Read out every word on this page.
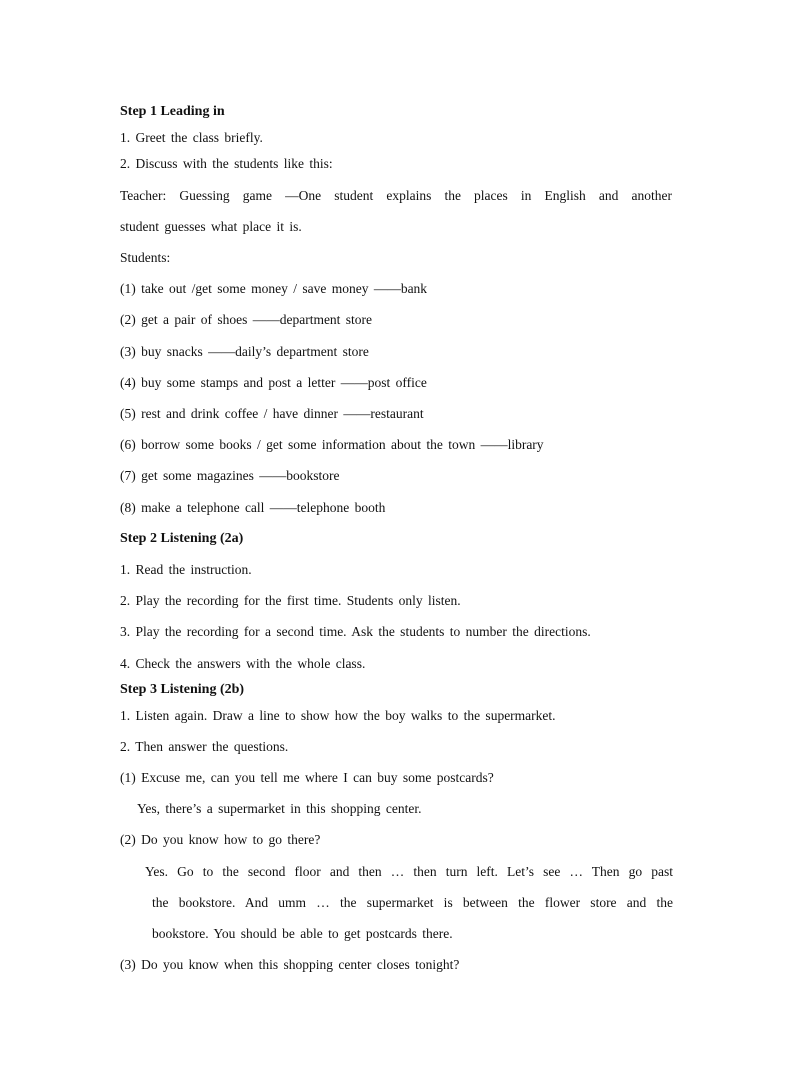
Step 1 Leading in
1. Greet the class briefly.
2. Discuss with the students like this:
Teacher: Guessing game —One student explains the places in English and another
student guesses what place it is.
Students:
(1) take out /get some money / save money ——bank
(2) get a pair of shoes ——department store
(3) buy snacks ——daily’s department store
(4) buy some stamps and post a letter ——post office
(5) rest and drink coffee / have dinner ——restaurant
(6) borrow some books / get some information about the town ——library
(7) get some magazines ——bookstore
(8) make a telephone call ——telephone booth
Step 2 Listening (2a)
1. Read the instruction.
2. Play the recording for the first time. Students only listen.
3. Play the recording for a second time. Ask the students to number the directions.
4. Check the answers with the whole class.
Step 3 Listening (2b)
1. Listen again. Draw a line to show how the boy walks to the supermarket.
2. Then answer the questions.
(1) Excuse me, can you tell me where I can buy some postcards?
Yes, there’s a supermarket in this shopping center.
(2) Do you know how to go there?
Yes. Go to the second floor and then … then turn left. Let’s see … Then go past
the bookstore. And umm … the supermarket is between the flower store and the
bookstore. You should be able to get postcards there.
(3) Do you know when this shopping center closes tonight?
